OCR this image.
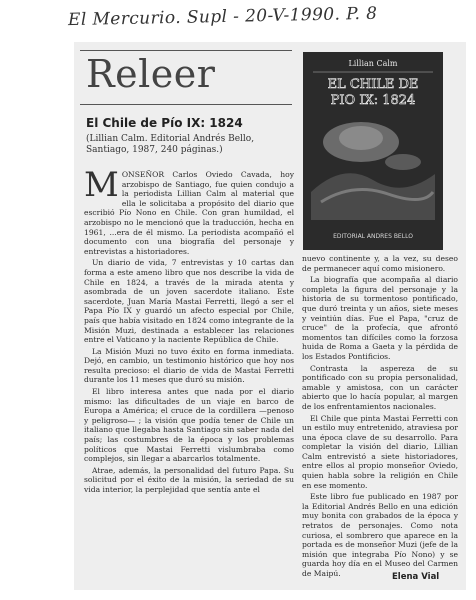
El Mercurio. Supl - 20-V-1990. P. 8
Releer
El Chile de Pío IX: 1824
(Lillian Calm. Editorial Andrés Bello, Santiago, 1987, 240 páginas.)
Lillian Calm
EL CHILE DE
PIO IX: 1824
EDITORIAL ANDRES BELLO

MONSEÑOR Carlos Oviedo Cavada, hoy arzobispo de Santiago, fue quien condujo a la periodista Lillian Calm al material que ella le solicitaba a propósito del diario que escribió Pío Nono en Chile. Con gran humildad, el arzobispo no le mencionó que la traducción, hecha en 1961, ...era de él mismo. La periodista acompañó el documento con una biografía del personaje y entrevistas a historiadores.

Un diario de vida, 7 entrevistas y 10 cartas dan forma a este ameno libro que nos describe la vida de Chile en 1824, a través de la mirada atenta y asombrada de un joven sacerdote italiano. Este sacerdote, Juan María Mastai Ferretti, llegó a ser el Papa Pío IX y guardó un afecto especial por Chile, país que había visitado en 1824 como integrante de la Misión Muzi, destinada a establecer las relaciones entre el Vaticano y la naciente República de Chile.

La Misión Muzi no tuvo éxito en forma inmediata. Dejó, en cambio, un testimonio histórico que hoy nos resulta precioso: el diario de vida de Mastai Ferretti durante los 11 meses que duró su misión.

El libro interesa antes que nada por el diario mismo: las dificultades de un viaje en barco de Europa a América; el cruce de la cordillera —penoso y peligroso— ; la visión que podía tener de Chile un italiano que llegaba hasta Santiago sin saber nada del país; las costumbres de la época y los problemas políticos que Mastai Ferretti vislumbraba como complejos, sin llegar a abarcarlos totalmente.

Atrae, además, la personalidad del futuro Papa. Su solicitud por el éxito de la misión, la seriedad de su vida interior, la perplejidad que sentía ante el

nuevo continente y, a la vez, su deseo de permanecer aquí como misionero.

La biografía que acompaña al diario completa la figura del personaje y la historia de su tormentoso pontificado, que duró treinta y un años, siete meses y veintiún días. Fue el Papa, "cruz de cruce" de la profecía, que afrontó momentos tan difíciles como la forzosa huida de Roma a Gaeta y la pérdida de los Estados Pontificios.

Contrasta la aspereza de su pontificado con su propia personalidad, amable y amistosa, con un carácter abierto que lo hacía popular, al margen de los enfrentamientos nacionales.

El Chile que pinta Mastai Ferretti con un estilo muy entretenido, atraviesa por una época clave de su desarrollo. Para completar la visión del diario, Lillian Calm entrevistó a siete historiadores, entre ellos al propio monseñor Oviedo, quien habla sobre la religión en Chile en ese momento.

Este libro fue publicado en 1987 por la Editorial Andrés Bello en una edición muy bonita con grabados de la época y retratos de personajes. Como nota curiosa, el sombrero que aparece en la portada es de monseñor Muzi (jefe de la misión que integraba Pío Nono) y se guarda hoy día en el Museo del Carmen de Maipú.	Elena Vial
